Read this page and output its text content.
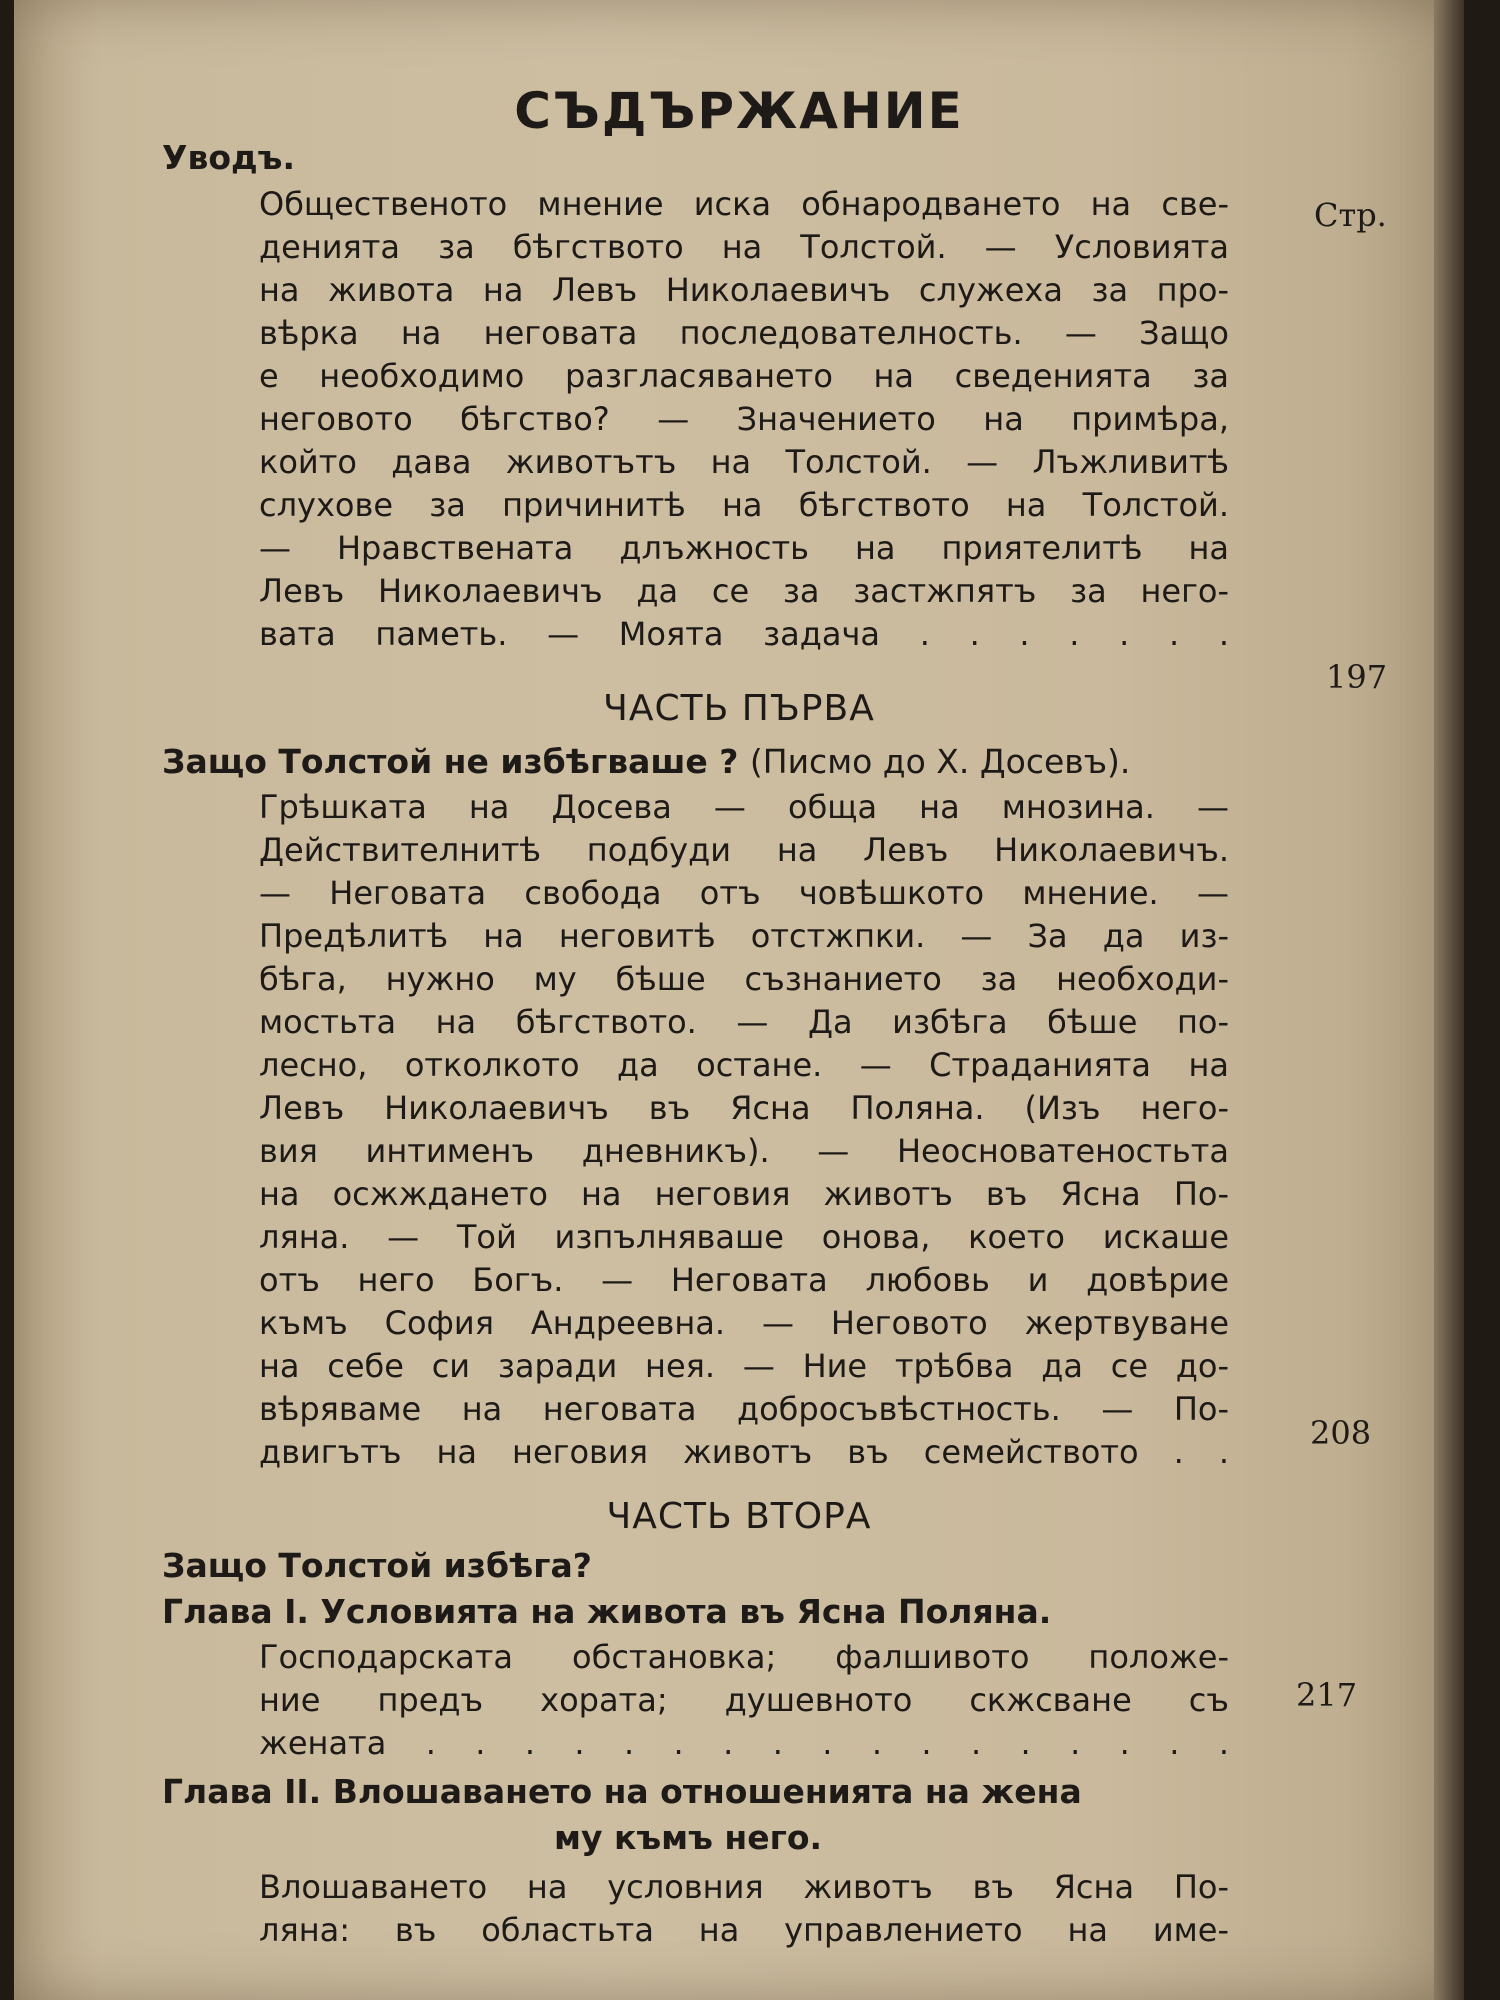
СЪДЪРЖАНИЕ
Уводъ.
Стр.
Общественото мнение иска обнародването на све-
денията за бѣгството на Толстой. — Условията
на живота на Левъ Николаевичъ служеха за про-
вѣрка на неговата последователность. — Защо
е необходимо разгласяването на сведенията за
неговото бѣгство? — Значението на примѣра,
който дава животътъ на Толстой. — Лъжливитѣ
слухове за причинитѣ на бѣгството на Толстой.
— Нравствената длъжность на приятелитѣ на
Левъ Николаевичъ да се за застжпятъ за него-
вата паметь. — Моята задача . . . . . . .
197
ЧАСТЬ ПЪРВА
Защо Толстой не избѣгваше ? (Писмо до Х. Досевъ).
Грѣшката на Досева — обща на мнозина. —
Действителнитѣ подбуди на Левъ Николаевичъ.
— Неговата свобода отъ човѣшкото мнение. —
Предѣлитѣ на неговитѣ отстжпки. — За да из-
бѣга, нужно му бѣше съзнанието за необходи-
мостьта на бѣгството. — Да избѣга бѣше по-
лесно, отколкото да остане. — Страданията на
Левъ Николаевичъ въ Ясна Поляна. (Изъ него-
вия интименъ дневникъ). — Неосноватеностьта
на осжждането на неговия животъ въ Ясна По-
ляна. — Той изпълняваше онова, което искаше
отъ него Богъ. — Неговата любовь и довѣрие
къмъ София Андреевна. — Неговото жертвуване
на себе си заради нея. — Ние трѣбва да се до-
вѣряваме на неговата добросъвѣстность. — По-
двигътъ на неговия животъ въ семейството . .	208
ЧАСТЬ ВТОРА
Защо Толстой избѣга?
Глава I. Условията на живота въ Ясна Поляна.
Господарската обстановка; фалшивото положе-
ние предъ хората; душевното скжсване съ
жената . . . . . . . . . . . . . . . . .
217
Глава II. Влошаването на отношенията на жена
му къмъ него.
Влошаването на условния животъ въ Ясна По-
ляна: въ областьта на управлението на име-
